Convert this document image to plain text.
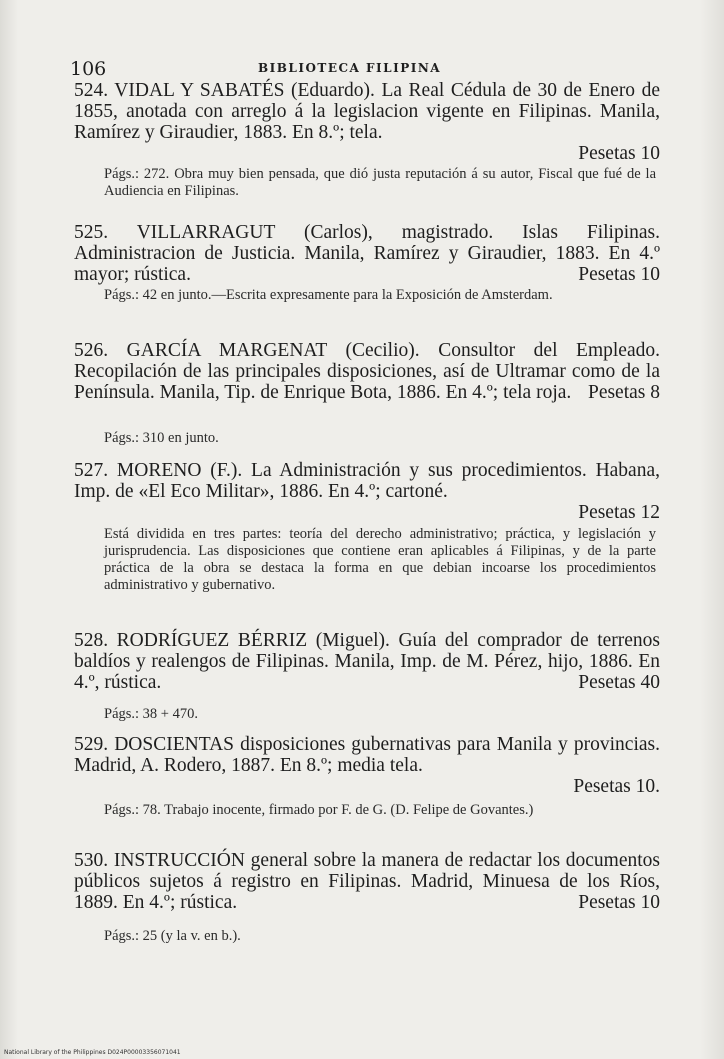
106	BIBLIOTECA FILIPINA
524. VIDAL Y SABATÉS (Eduardo). La Real Cédula de 30 de Enero de 1855, anotada con arreglo á la legislacion vigente en Filipinas. Manila, Ramírez y Giraudier, 1883. En 8.º; tela.
Pesetas 10
Págs.: 272. Obra muy bien pensada, que dió justa reputación á su autor, Fiscal que fué de la Audiencia en Filipinas.
525. VILLARRAGUT (Carlos), magistrado. Islas Filipinas. Administracion de Justicia. Manila, Ramírez y Giraudier, 1883. En 4.º mayor; rústica.	Pesetas 10
Págs.: 42 en junto.—Escrita expresamente para la Exposición de Amsterdam.
526. GARCÍA MARGENAT (Cecilio). Consultor del Empleado. Recopilación de las principales disposiciones, así de Ultramar como de la Península. Manila, Tip. de Enrique Bota, 1886. En 4.º; tela roja. Pesetas 8
Págs.: 310 en junto.
527. MORENO (F.). La Administración y sus procedimientos. Habana, Imp. de «El Eco Militar», 1886. En 4.º; cartoné.
Pesetas 12
Está dividida en tres partes: teoría del derecho administrativo; práctica, y legislación y jurisprudencia. Las disposiciones que contiene eran aplicables á Filipinas, y de la parte práctica de la obra se destaca la forma en que debian incoarse los procedimientos administrativo y gubernativo.
528. RODRÍGUEZ BÉRRIZ (Miguel). Guía del comprador de terrenos baldíos y realengos de Filipinas. Manila, Imp. de M. Pérez, hijo, 1886. En 4.º, rústica.	Pesetas 40
Págs.: 38 + 470.
529. DOSCIENTAS disposiciones gubernativas para Manila y provincias. Madrid, A. Rodero, 1887. En 8.º; media tela.
Pesetas 10.
Págs.: 78. Trabajo inocente, firmado por F. de G. (D. Felipe de Govantes.)
530. INSTRUCCIÓN general sobre la manera de redactar los documentos públicos sujetos á registro en Filipinas. Madrid, Minuesa de los Ríos, 1889. En 4.º; rústica.	Pesetas 10
Págs.: 25 (y la v. en b.).
National Library of the Philippines D024P00003356071041
